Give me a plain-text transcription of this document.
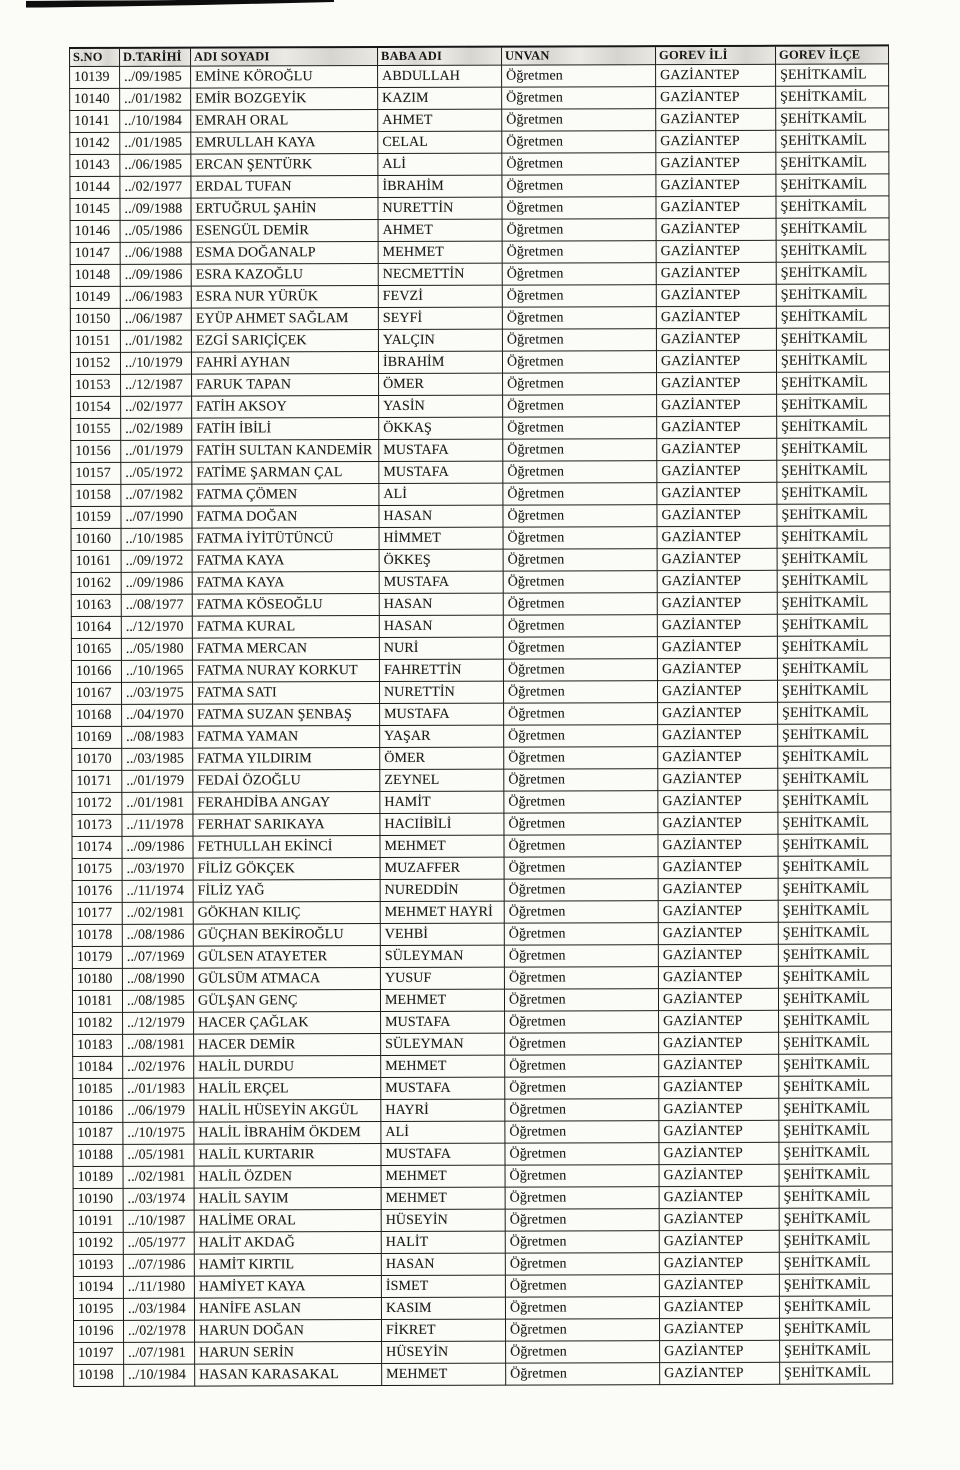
S.NO	D.TARİHİ	ADI SOYADI	BABA ADI	UNVAN	GOREV İLİ	GOREV İLÇE
10139	../09/1985	EMİNE KÖROĞLU	ABDULLAH	Öğretmen	GAZİANTEP	ŞEHİTKAMİL
10140	../01/1982	EMİR BOZGEYİK	KAZIM	Öğretmen	GAZİANTEP	ŞEHİTKAMİL
10141	../10/1984	EMRAH ORAL	AHMET	Öğretmen	GAZİANTEP	ŞEHİTKAMİL
10142	../01/1985	EMRULLAH KAYA	CELAL	Öğretmen	GAZİANTEP	ŞEHİTKAMİL
10143	../06/1985	ERCAN ŞENTÜRK	ALİ	Öğretmen	GAZİANTEP	ŞEHİTKAMİL
10144	../02/1977	ERDAL TUFAN	İBRAHİM	Öğretmen	GAZİANTEP	ŞEHİTKAMİL
10145	../09/1988	ERTUĞRUL ŞAHİN	NURETTİN	Öğretmen	GAZİANTEP	ŞEHİTKAMİL
10146	../05/1986	ESENGÜL DEMİR	AHMET	Öğretmen	GAZİANTEP	ŞEHİTKAMİL
10147	../06/1988	ESMA DOĞANALP	MEHMET	Öğretmen	GAZİANTEP	ŞEHİTKAMİL
10148	../09/1986	ESRA KAZOĞLU	NECMETTİN	Öğretmen	GAZİANTEP	ŞEHİTKAMİL
10149	../06/1983	ESRA NUR YÜRÜK	FEVZİ	Öğretmen	GAZİANTEP	ŞEHİTKAMİL
10150	../06/1987	EYÜP AHMET SAĞLAM	SEYFİ	Öğretmen	GAZİANTEP	ŞEHİTKAMİL
10151	../01/1982	EZGİ SARIÇİÇEK	YALÇIN	Öğretmen	GAZİANTEP	ŞEHİTKAMİL
10152	../10/1979	FAHRİ AYHAN	İBRAHİM	Öğretmen	GAZİANTEP	ŞEHİTKAMİL
10153	../12/1987	FARUK TAPAN	ÖMER	Öğretmen	GAZİANTEP	ŞEHİTKAMİL
10154	../02/1977	FATİH AKSOY	YASİN	Öğretmen	GAZİANTEP	ŞEHİTKAMİL
10155	../02/1989	FATİH İBİLİ	ÖKKAŞ	Öğretmen	GAZİANTEP	ŞEHİTKAMİL
10156	../01/1979	FATİH SULTAN KANDEMİR	MUSTAFA	Öğretmen	GAZİANTEP	ŞEHİTKAMİL
10157	../05/1972	FATİME ŞARMAN ÇAL	MUSTAFA	Öğretmen	GAZİANTEP	ŞEHİTKAMİL
10158	../07/1982	FATMA ÇÖMEN	ALİ	Öğretmen	GAZİANTEP	ŞEHİTKAMİL
10159	../07/1990	FATMA DOĞAN	HASAN	Öğretmen	GAZİANTEP	ŞEHİTKAMİL
10160	../10/1985	FATMA İYİTÜTÜNCÜ	HİMMET	Öğretmen	GAZİANTEP	ŞEHİTKAMİL
10161	../09/1972	FATMA KAYA	ÖKKEŞ	Öğretmen	GAZİANTEP	ŞEHİTKAMİL
10162	../09/1986	FATMA KAYA	MUSTAFA	Öğretmen	GAZİANTEP	ŞEHİTKAMİL
10163	../08/1977	FATMA KÖSEOĞLU	HASAN	Öğretmen	GAZİANTEP	ŞEHİTKAMİL
10164	../12/1970	FATMA KURAL	HASAN	Öğretmen	GAZİANTEP	ŞEHİTKAMİL
10165	../05/1980	FATMA MERCAN	NURİ	Öğretmen	GAZİANTEP	ŞEHİTKAMİL
10166	../10/1965	FATMA NURAY KORKUT	FAHRETTİN	Öğretmen	GAZİANTEP	ŞEHİTKAMİL
10167	../03/1975	FATMA SATI	NURETTİN	Öğretmen	GAZİANTEP	ŞEHİTKAMİL
10168	../04/1970	FATMA SUZAN ŞENBAŞ	MUSTAFA	Öğretmen	GAZİANTEP	ŞEHİTKAMİL
10169	../08/1983	FATMA YAMAN	YAŞAR	Öğretmen	GAZİANTEP	ŞEHİTKAMİL
10170	../03/1985	FATMA YILDIRIM	ÖMER	Öğretmen	GAZİANTEP	ŞEHİTKAMİL
10171	../01/1979	FEDAİ ÖZOĞLU	ZEYNEL	Öğretmen	GAZİANTEP	ŞEHİTKAMİL
10172	../01/1981	FERAHDİBA ANGAY	HAMİT	Öğretmen	GAZİANTEP	ŞEHİTKAMİL
10173	../11/1978	FERHAT SARIKAYA	HACIİBİLİ	Öğretmen	GAZİANTEP	ŞEHİTKAMİL
10174	../09/1986	FETHULLAH EKİNCİ	MEHMET	Öğretmen	GAZİANTEP	ŞEHİTKAMİL
10175	../03/1970	FİLİZ GÖKÇEK	MUZAFFER	Öğretmen	GAZİANTEP	ŞEHİTKAMİL
10176	../11/1974	FİLİZ YAĞ	NUREDDİN	Öğretmen	GAZİANTEP	ŞEHİTKAMİL
10177	../02/1981	GÖKHAN KILIÇ	MEHMET HAYRİ	Öğretmen	GAZİANTEP	ŞEHİTKAMİL
10178	../08/1986	GÜÇHAN BEKİROĞLU	VEHBİ	Öğretmen	GAZİANTEP	ŞEHİTKAMİL
10179	../07/1969	GÜLSEN ATAYETER	SÜLEYMAN	Öğretmen	GAZİANTEP	ŞEHİTKAMİL
10180	../08/1990	GÜLSÜM ATMACA	YUSUF	Öğretmen	GAZİANTEP	ŞEHİTKAMİL
10181	../08/1985	GÜLŞAN GENÇ	MEHMET	Öğretmen	GAZİANTEP	ŞEHİTKAMİL
10182	../12/1979	HACER ÇAĞLAK	MUSTAFA	Öğretmen	GAZİANTEP	ŞEHİTKAMİL
10183	../08/1981	HACER DEMİR	SÜLEYMAN	Öğretmen	GAZİANTEP	ŞEHİTKAMİL
10184	../02/1976	HALİL DURDU	MEHMET	Öğretmen	GAZİANTEP	ŞEHİTKAMİL
10185	../01/1983	HALİL ERÇEL	MUSTAFA	Öğretmen	GAZİANTEP	ŞEHİTKAMİL
10186	../06/1979	HALİL HÜSEYİN AKGÜL	HAYRİ	Öğretmen	GAZİANTEP	ŞEHİTKAMİL
10187	../10/1975	HALİL İBRAHİM ÖKDEM	ALİ	Öğretmen	GAZİANTEP	ŞEHİTKAMİL
10188	../05/1981	HALİL KURTARIR	MUSTAFA	Öğretmen	GAZİANTEP	ŞEHİTKAMİL
10189	../02/1981	HALİL ÖZDEN	MEHMET	Öğretmen	GAZİANTEP	ŞEHİTKAMİL
10190	../03/1974	HALİL SAYIM	MEHMET	Öğretmen	GAZİANTEP	ŞEHİTKAMİL
10191	../10/1987	HALİME ORAL	HÜSEYİN	Öğretmen	GAZİANTEP	ŞEHİTKAMİL
10192	../05/1977	HALİT AKDAĞ	HALİT	Öğretmen	GAZİANTEP	ŞEHİTKAMİL
10193	../07/1986	HAMİT KIRTIL	HASAN	Öğretmen	GAZİANTEP	ŞEHİTKAMİL
10194	../11/1980	HAMİYET KAYA	İSMET	Öğretmen	GAZİANTEP	ŞEHİTKAMİL
10195	../03/1984	HANİFE ASLAN	KASIM	Öğretmen	GAZİANTEP	ŞEHİTKAMİL
10196	../02/1978	HARUN DOĞAN	FİKRET	Öğretmen	GAZİANTEP	ŞEHİTKAMİL
10197	../07/1981	HARUN SERİN	HÜSEYİN	Öğretmen	GAZİANTEP	ŞEHİTKAMİL
10198	../10/1984	HASAN KARASAKAL	MEHMET	Öğretmen	GAZİANTEP	ŞEHİTKAMİL
